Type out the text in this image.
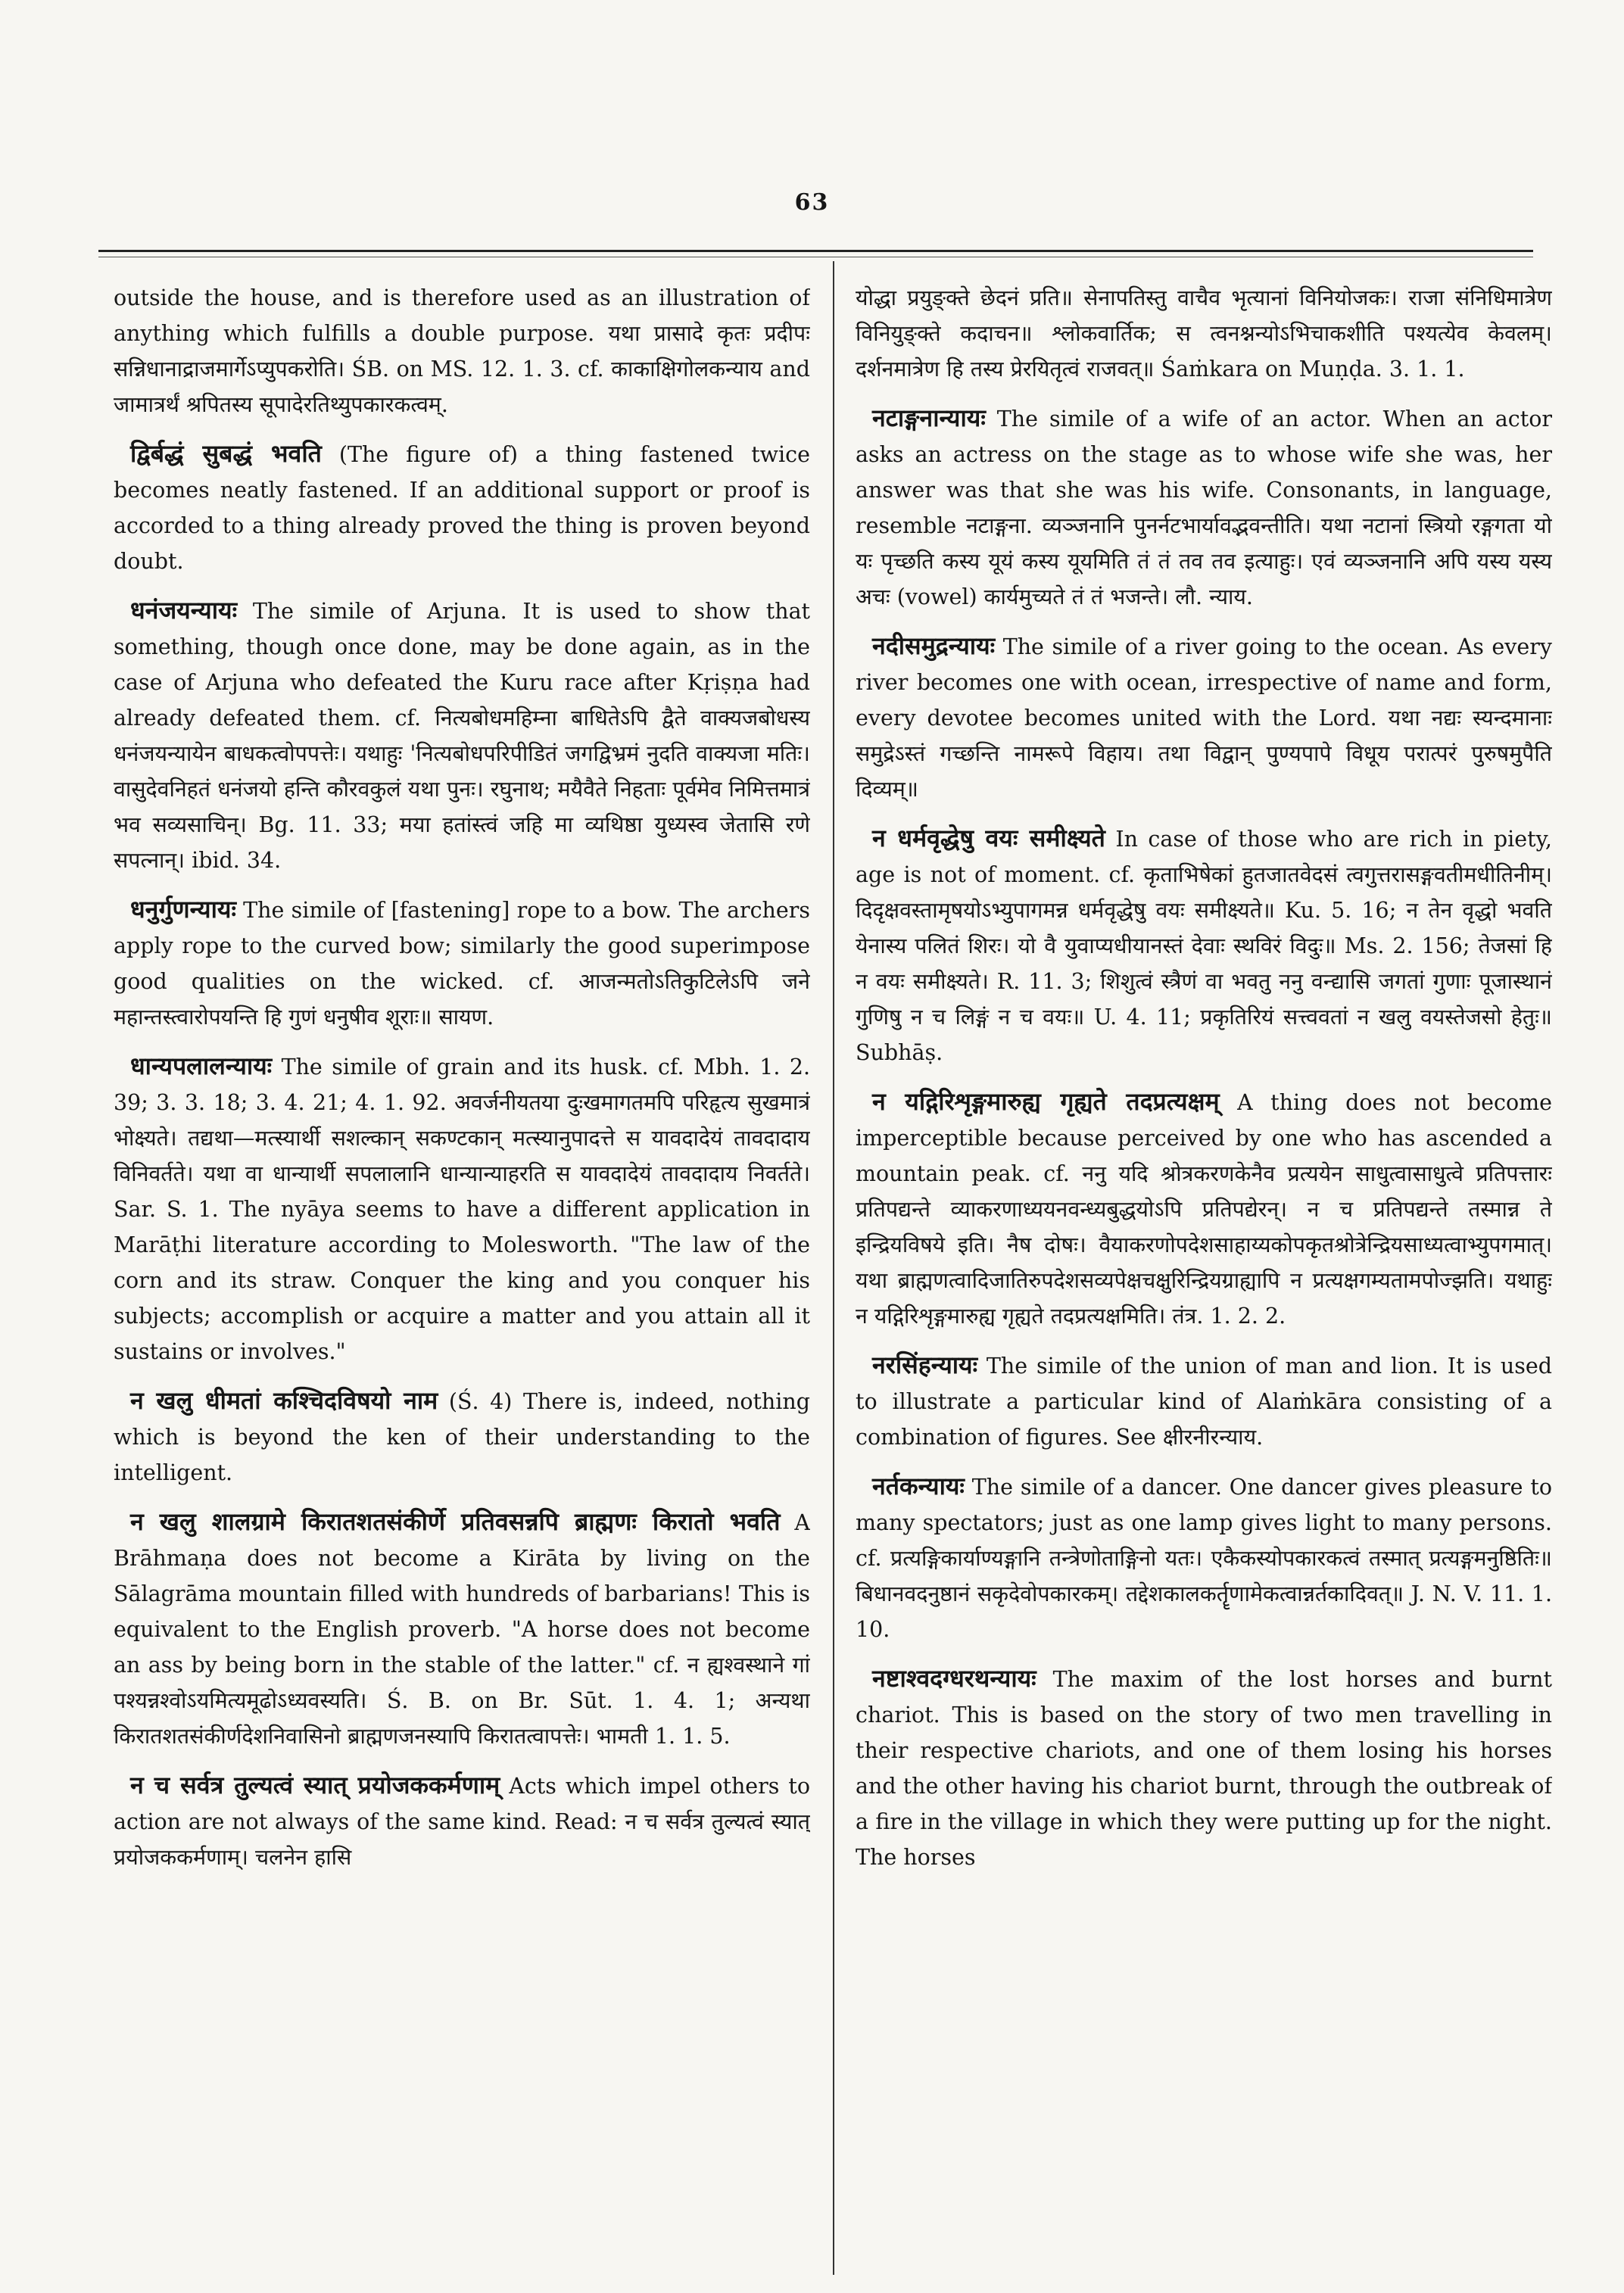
63

outside the house, and is therefore used as an illustration of anything which fulfills a double purpose. यथा प्रासादे कृतः प्रदीपः सन्निधानाद्राजमार्गेऽप्युपकरोति। ŚB. on MS. 12. 1. 3. cf. काकाक्षिगोलकन्याय and जामात्रर्थं श्रपितस्य सूपादेरतिथ्युपकारकत्वम्.

द्विर्बद्धं सुबद्धं भवति (The figure of) a thing fastened twice becomes neatly fastened. If an additional support or proof is accorded to a thing already proved the thing is proven beyond doubt.

धनंजयन्यायः The simile of Arjuna. It is used to show that something, though once done, may be done again, as in the case of Arjuna who defeated the Kuru race after Kṛiṣṇa had already defeated them. cf. नित्यबोधमहिम्ना बाधितेऽपि द्वैते वाक्यजबोधस्य धनंजयन्यायेन बाधकत्वोपपत्तेः। यथाहुः 'नित्यबोधपरिपीडितं जगद्विभ्रमं नुदति वाक्यजा मतिः। वासुदेवनिहतं धनंजयो हन्ति कौरवकुलं यथा पुनः। रघुनाथ; मयैवैते निहताः पूर्वमेव निमित्तमात्रं भव सव्यसाचिन्। Bg. 11. 33; मया हतांस्त्वं जहि मा व्यथिष्ठा युध्यस्व जेतासि रणे सपत्नान्। ibid. 34.

धनुर्गुणन्यायः The simile of [fastening] rope to a bow. The archers apply rope to the curved bow; similarly the good superimpose good qualities on the wicked. cf. आजन्मतोऽतिकुटिलेऽपि जने महान्तस्त्वारोपयन्ति हि गुणं धनुषीव शूराः॥ सायण.

धान्यपलालन्यायः The simile of grain and its husk. cf. Mbh. 1. 2. 39; 3. 3. 18; 3. 4. 21; 4. 1. 92. अवर्जनीयतया दुःखमागतमपि परिहृत्य सुखमात्रं भोक्ष्यते। तद्यथा—मत्स्यार्थी सशल्कान् सकण्टकान् मत्स्यानुपादत्ते स यावदादेयं तावदादाय विनिवर्तते। यथा वा धान्यार्थी सपलालानि धान्यान्याहरति स यावदादेयं तावदादाय निवर्तते। Sar. S. 1. The nyāya seems to have a different application in Marāṭhi literature according to Molesworth. "The law of the corn and its straw. Conquer the king and you conquer his subjects; accomplish or acquire a matter and you attain all it sustains or involves."

न खलु धीमतां कश्चिदविषयो नाम (Ś. 4) There is, indeed, nothing which is beyond the ken of their understanding to the intelligent.

न खलु शालग्रामे किरातशतसंकीर्णे प्रतिवसन्नपि ब्राह्मणः किरातो भवति A Brāhmaṇa does not become a Kirāta by living on the Sālagrāma mountain filled with hundreds of barbarians! This is equivalent to the English proverb. "A horse does not become an ass by being born in the stable of the latter." cf. न ह्यश्वस्थाने गां पश्यन्नश्वोऽयमित्यमूढोऽध्यवस्यति। Ś. B. on Br. Sūt. 1. 4. 1; अन्यथा किरातशतसंकीर्णदेशनिवासिनो ब्राह्मणजनस्यापि किरातत्वापत्तेः। भामती 1. 1. 5.

न च सर्वत्र तुल्यत्वं स्यात् प्रयोजककर्मणाम् Acts which impel others to action are not always of the same kind. Read: न च सर्वत्र तुल्यत्वं स्यात् प्रयोजककर्मणाम्। चलनेन हासि

योद्धा प्रयुङ्क्ते छेदनं प्रति॥ सेनापतिस्तु वाचैव भृत्यानां विनियोजकः। राजा संनिधिमात्रेण विनियुङ्क्ते कदाचन॥ श्लोकवार्तिक; स त्वनश्नन्योऽभिचाकशीति पश्यत्येव केवलम्। दर्शनमात्रेण हि तस्य प्रेरयितृत्वं राजवत्॥ Śaṁkara on Muṇḍa. 3. 1. 1.

नटाङ्गनान्यायः The simile of a wife of an actor. When an actor asks an actress on the stage as to whose wife she was, her answer was that she was his wife. Consonants, in language, resemble नटाङ्गना. व्यञ्जनानि पुनर्नटभार्यावद्भवन्तीति। यथा नटानां स्त्रियो रङ्गगता यो यः पृच्छति कस्य यूयं कस्य यूयमिति तं तं तव तव इत्याहुः। एवं व्यञ्जनानि अपि यस्य यस्य अचः (vowel) कार्यमुच्यते तं तं भजन्ते। लौ. न्याय.

नदीसमुद्रन्यायः The simile of a river going to the ocean. As every river becomes one with ocean, irrespective of name and form, every devotee becomes united with the Lord. यथा नद्यः स्यन्दमानाः समुद्रेऽस्तं गच्छन्ति नामरूपे विहाय। तथा विद्वान् पुण्यपापे विधूय परात्परं पुरुषमुपैति दिव्यम्॥

न धर्मवृद्धेषु वयः समीक्ष्यते In case of those who are rich in piety, age is not of moment. cf. कृताभिषेकां हुतजातवेदसं त्वगुत्तरासङ्गवतीमधीतिनीम्। दिदृक्षवस्तामृषयोऽभ्युपागमन्न धर्मवृद्धेषु वयः समीक्ष्यते॥ Ku. 5. 16; न तेन वृद्धो भवति येनास्य पलितं शिरः। यो वै युवाप्यधीयानस्तं देवाः स्थविरं विदुः॥ Ms. 2. 156; तेजसां हि न वयः समीक्ष्यते। R. 11. 3; शिशुत्वं स्त्रैणं वा भवतु ननु वन्द्यासि जगतां गुणाः पूजास्थानं गुणिषु न च लिङ्गं न च वयः॥ U. 4. 11; प्रकृतिरियं सत्त्ववतां न खलु वयस्तेजसो हेतुः॥ Subhāṣ.

न यद्गिरिशृङ्गमारुह्य गृह्यते तदप्रत्यक्षम् A thing does not become imperceptible because perceived by one who has ascended a mountain peak. cf. ननु यदि श्रोत्रकरणकेनैव प्रत्ययेन साधुत्वासाधुत्वे प्रतिपत्तारः प्रतिपद्यन्ते व्याकरणाध्ययनवन्ध्यबुद्धयोऽपि प्रतिपद्येरन्। न च प्रतिपद्यन्ते तस्मान्न ते इन्द्रियविषये इति। नैष दोषः। वैयाकरणोपदेशसाहाय्यकोपकृतश्रोत्रेन्द्रियसाध्यत्वाभ्युपगमात्। यथा ब्राह्मणत्वादिजातिरुपदेशसव्यपेक्षचक्षुरिन्द्रियग्राह्यापि न प्रत्यक्षगम्यतामपोज्झति। यथाहुः न यद्गिरिशृङ्गमारुह्य गृह्यते तदप्रत्यक्षमिति। तंत्र. 1. 2. 2.

नरसिंहन्यायः The simile of the union of man and lion. It is used to illustrate a particular kind of Alaṁkāra consisting of a combination of figures. See क्षीरनीरन्याय.

नर्तकन्यायः The simile of a dancer. One dancer gives pleasure to many spectators; just as one lamp gives light to many persons. cf. प्रत्यङ्गिकार्याण्यङ्गानि तन्त्रेणोताङ्गिनो यतः। एकैकस्योपकारकत्वं तस्मात् प्रत्यङ्गमनुष्ठितिः॥ बिधानवदनुष्ठानं सकृदेवोपकारकम्। तद्देशकालकर्तॄणामेकत्वान्नर्तकादिवत्॥ J. N. V. 11. 1. 10.

नष्टाश्वदग्धरथन्यायः The maxim of the lost horses and burnt chariot. This is based on the story of two men travelling in their respective chariots, and one of them losing his horses and the other having his chariot burnt, through the outbreak of a fire in the village in which they were putting up for the night. The horses
